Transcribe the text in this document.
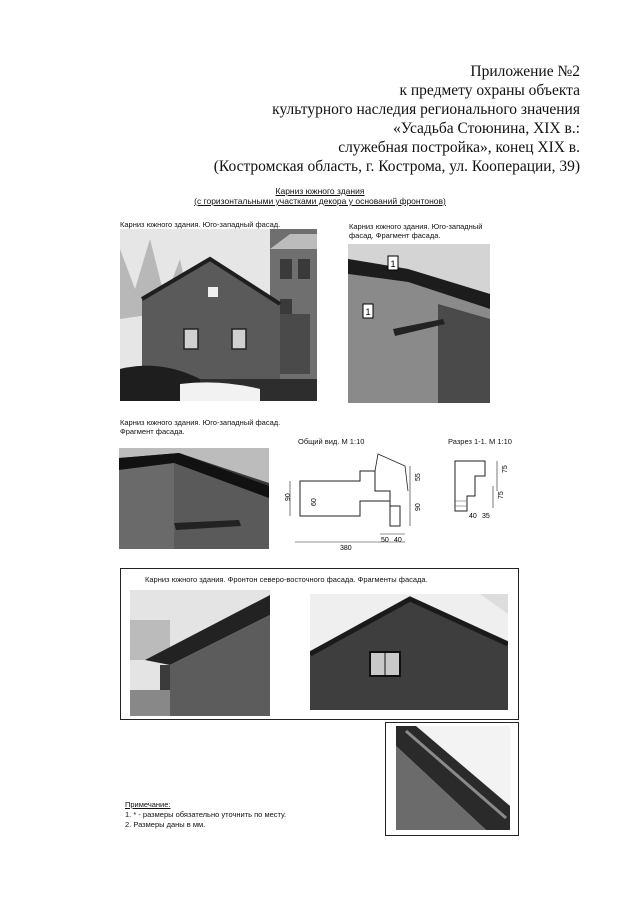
Приложение №2
к предмету охраны объекта
культурного наследия регионального значения
«Усадьба Стоюнина, XIX в.:
служебная постройка», конец XIX в.
(Костромская область, г. Кострома, ул. Кооперации, 39)
Карниз южного здания
(с горизонтальными участками декора у оснований фронтонов)
Карниз южного здания. Юго-западный фасад.	Карниз южного здания. Юго-западный
фасад. Фрагмент фасада.
1
1
Карниз южного здания. Юго-западный фасад.
Фрагмент фасада.
Общий вид. М 1:10
90
60
55
90
50 40
380
Разрез 1-1. М 1:10
75
75
40 35
Карниз южного здания. Фронтон северо-восточного фасада. Фрагменты фасада.
Примечание:
1. * - размеры обязательно уточнить по месту.
2. Размеры даны в мм.
